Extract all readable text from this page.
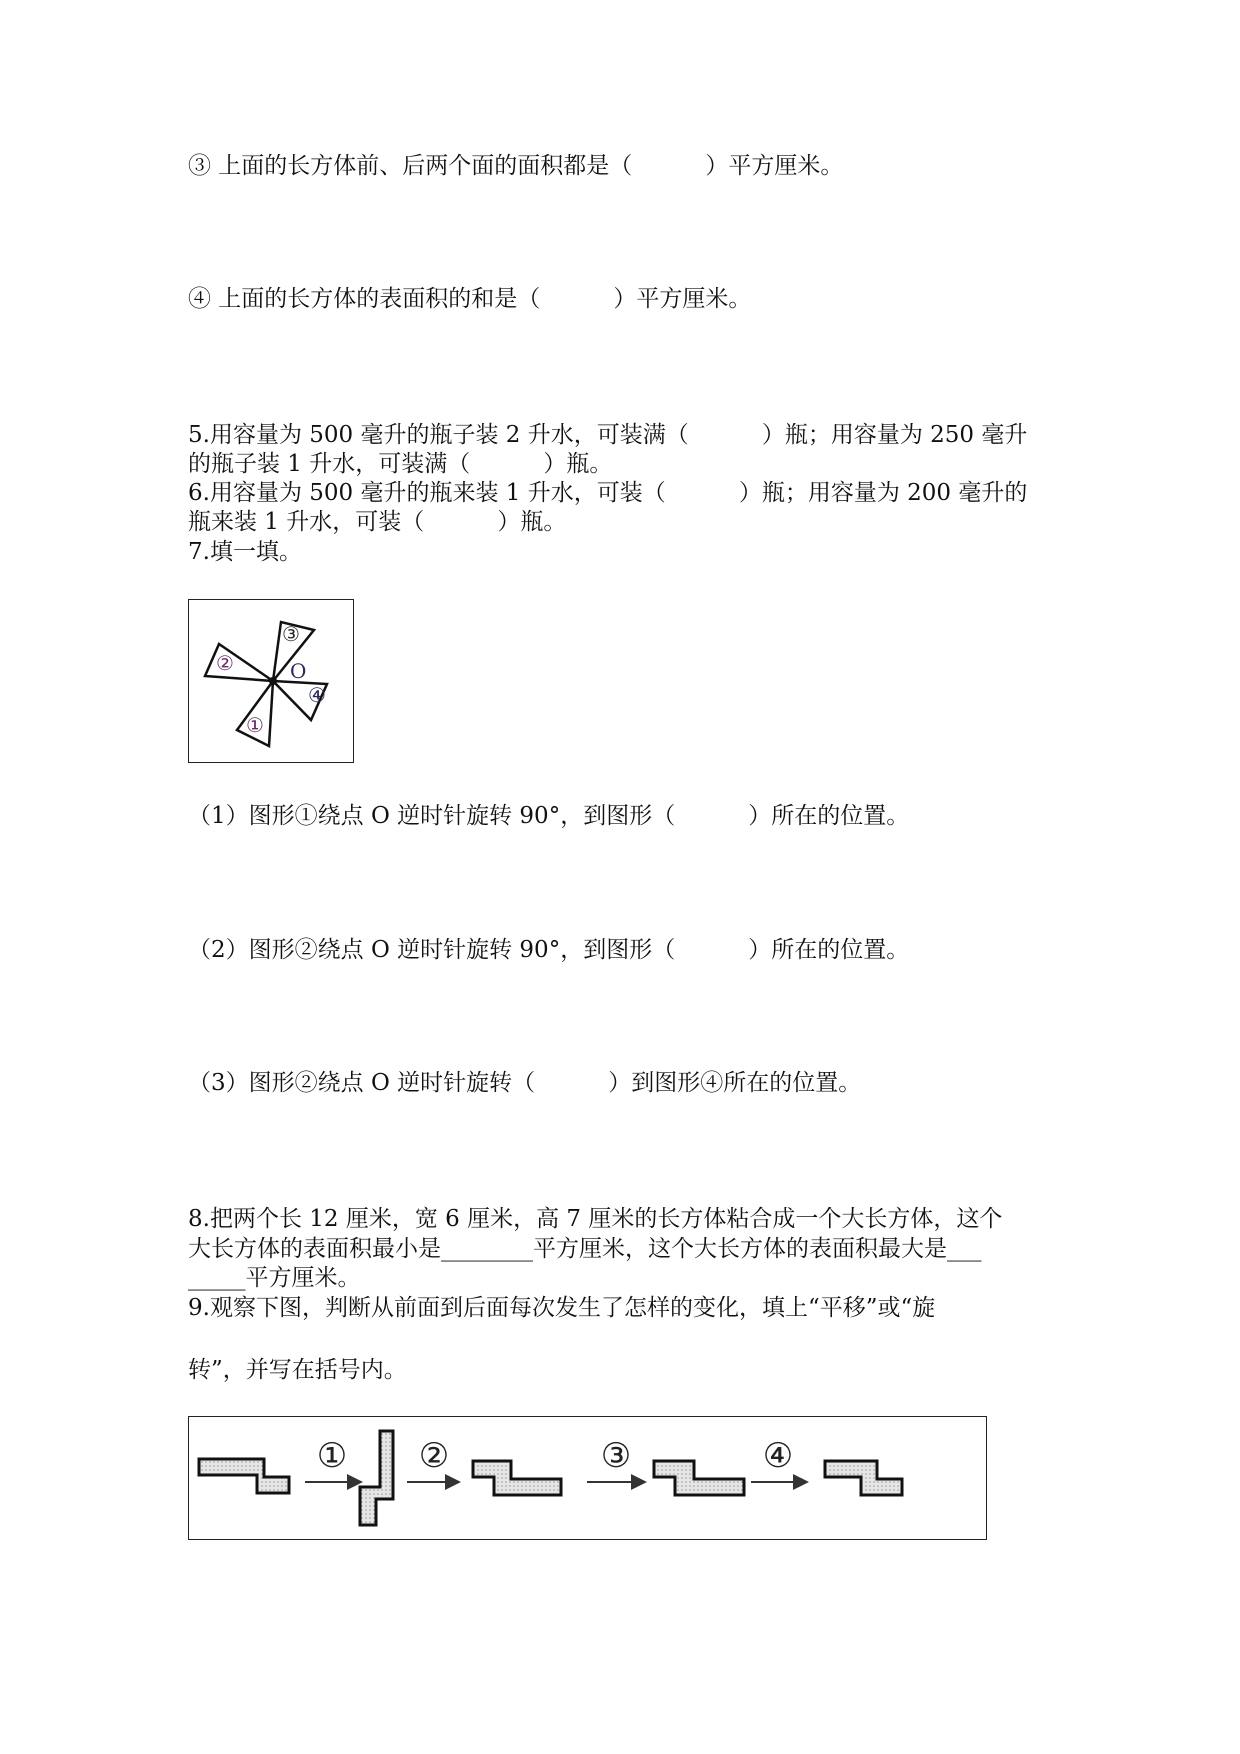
③ 上面的长方体前、后两个面的面积都是（          ）平方厘米。

④ 上面的长方体的表面积的和是（          ）平方厘米。

5.用容量为 500 毫升的瓶子装 2 升水，可装满（          ）瓶；用容量为 250 毫升

的瓶子装 1 升水，可装满（          ）瓶。

6.用容量为 500 毫升的瓶来装 1 升水，可装（          ）瓶；用容量为 200 毫升的

瓶来装 1 升水，可装（          ）瓶。

7.填一填。

O
①
②
③
④

（1）图形①绕点 O 逆时针旋转 90°，到图形（          ）所在的位置。

（2）图形②绕点 O 逆时针旋转 90°，到图形（          ）所在的位置。

（3）图形②绕点 O 逆时针旋转（          ）到图形④所在的位置。

8.把两个长 12 厘米，宽 6 厘米，高 7 厘米的长方体粘合成一个大长方体，这个

大长方体的表面积最小是________平方厘米，这个大长方体的表面积最大是___

_____平方厘米。

9.观察下图，判断从前面到后面每次发生了怎样的变化，填上“平移”或“旋

转”，并写在括号内。

① ②	③	④
